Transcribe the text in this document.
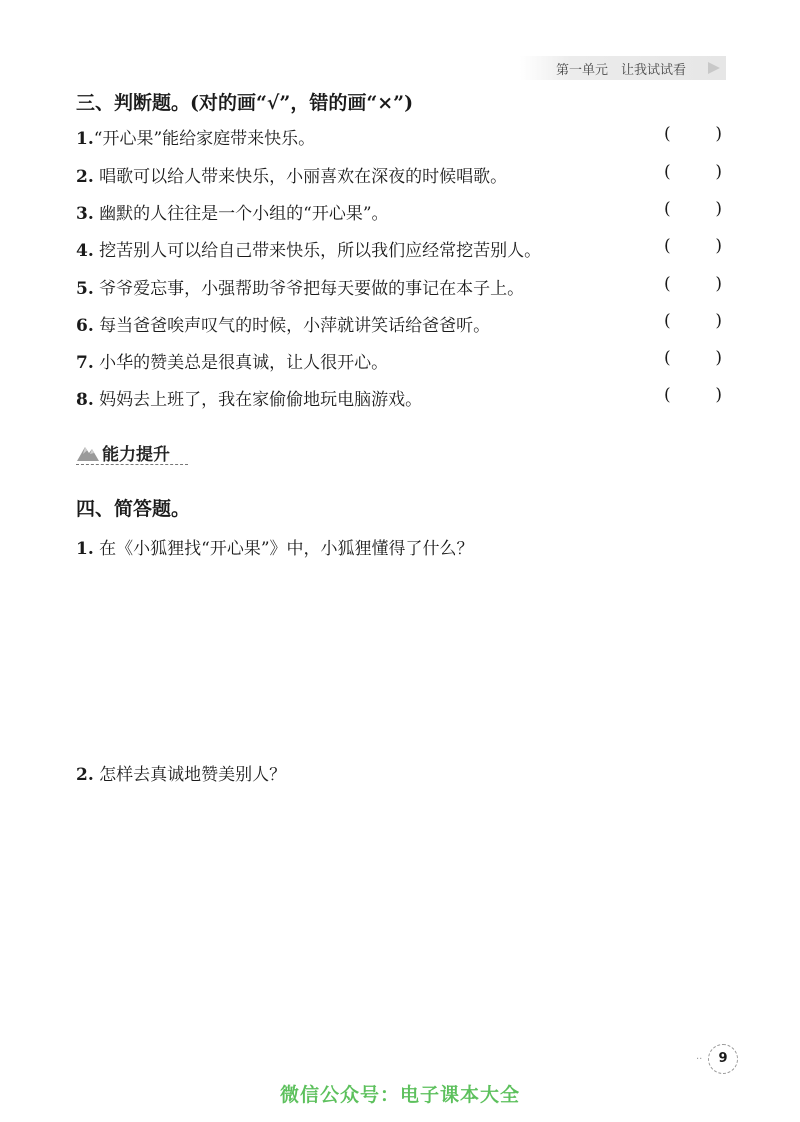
第一单元　让我试试看
三、判断题。(对的画“√”，错的画“×”)
1.“开心果”能给家庭带来快乐。	(	)
2. 唱歌可以给人带来快乐，小丽喜欢在深夜的时候唱歌。	(	)
3. 幽默的人往往是一个小组的“开心果”。	(	)
4. 挖苦别人可以给自己带来快乐，所以我们应经常挖苦别人。	(	)
5. 爷爷爱忘事，小强帮助爷爷把每天要做的事记在本子上。	(	)
6. 每当爸爸唉声叹气的时候，小萍就讲笑话给爸爸听。	(	)
7. 小华的赞美总是很真诚，让人很开心。	(	)
8. 妈妈去上班了，我在家偷偷地玩电脑游戏。	(	)
能力提升
四、简答题。
1. 在《小狐狸找“开心果”》中，小狐狸懂得了什么？
2. 怎样去真诚地赞美别人？
··	9
微信公众号：电子课本大全
